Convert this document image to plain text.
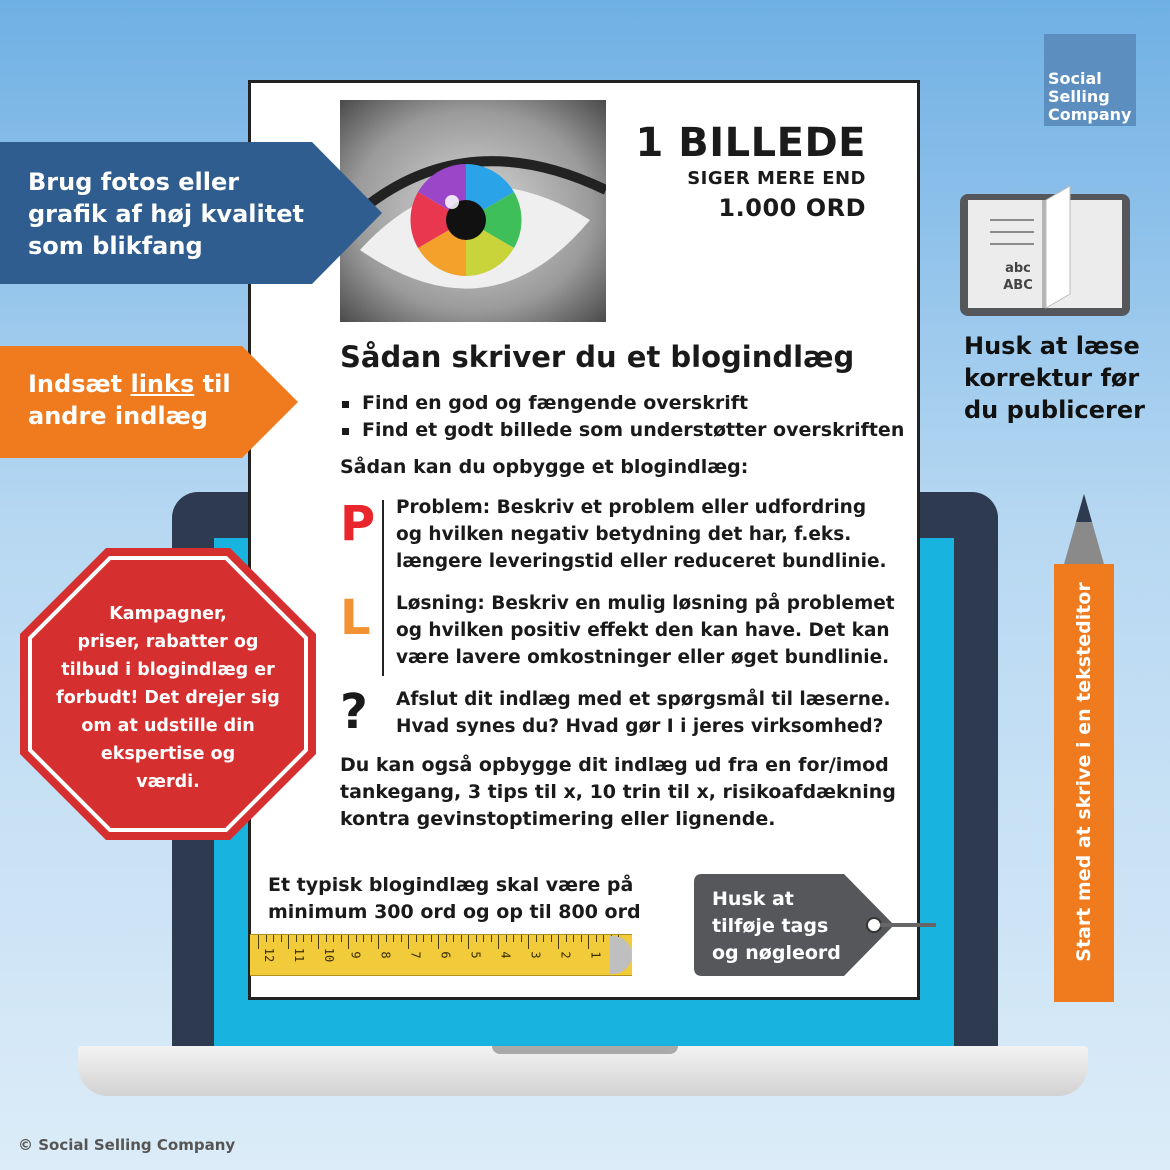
1 BILLEDE
SIGER MERE END
1.000 ORD
Sådan skriver du et blogindlæg
Find en god og fængende overskrift
Find et godt billede som understøtter overskriften
Sådan kan du opbygge et blogindlæg:
P Problem: Beskriv et problem eller udfordring
og hvilken negativ betydning det har, f.eks.
længere leveringstid eller reduceret bundlinie.
L Løsning: Beskriv en mulig løsning på problemet
og hvilken positiv effekt den kan have. Det kan
være lavere omkostninger eller øget bundlinie.
? Afslut dit indlæg med et spørgsmål til læserne.
Hvad synes du? Hvad gør I i jeres virksomhed?
Du kan også opbygge dit indlæg ud fra en for/imod
tankegang, 3 tips til x, 10 trin til x, risikoafdækning
kontra gevinstoptimering eller lignende.
Et typisk blogindlæg skal være på
minimum 300 ord og op til 800 ord
12 11 10 9 8 7 6 5 4 3 2 1
Husk at
tilføje tags
og nøgleord
Brug fotos eller
grafik af høj kvalitet
som blikfang
Indsæt links til
andre indlæg
Kampagner,
priser, rabatter og
tilbud i blogindlæg er
forbudt! Det drejer sig
om at udstille din
ekspertise og
værdi.
Social
Selling
Company
abc
ABC
Husk at læse
korrektur før
du publicerer
Start med at skrive i en teksteditor
© Social Selling Company
